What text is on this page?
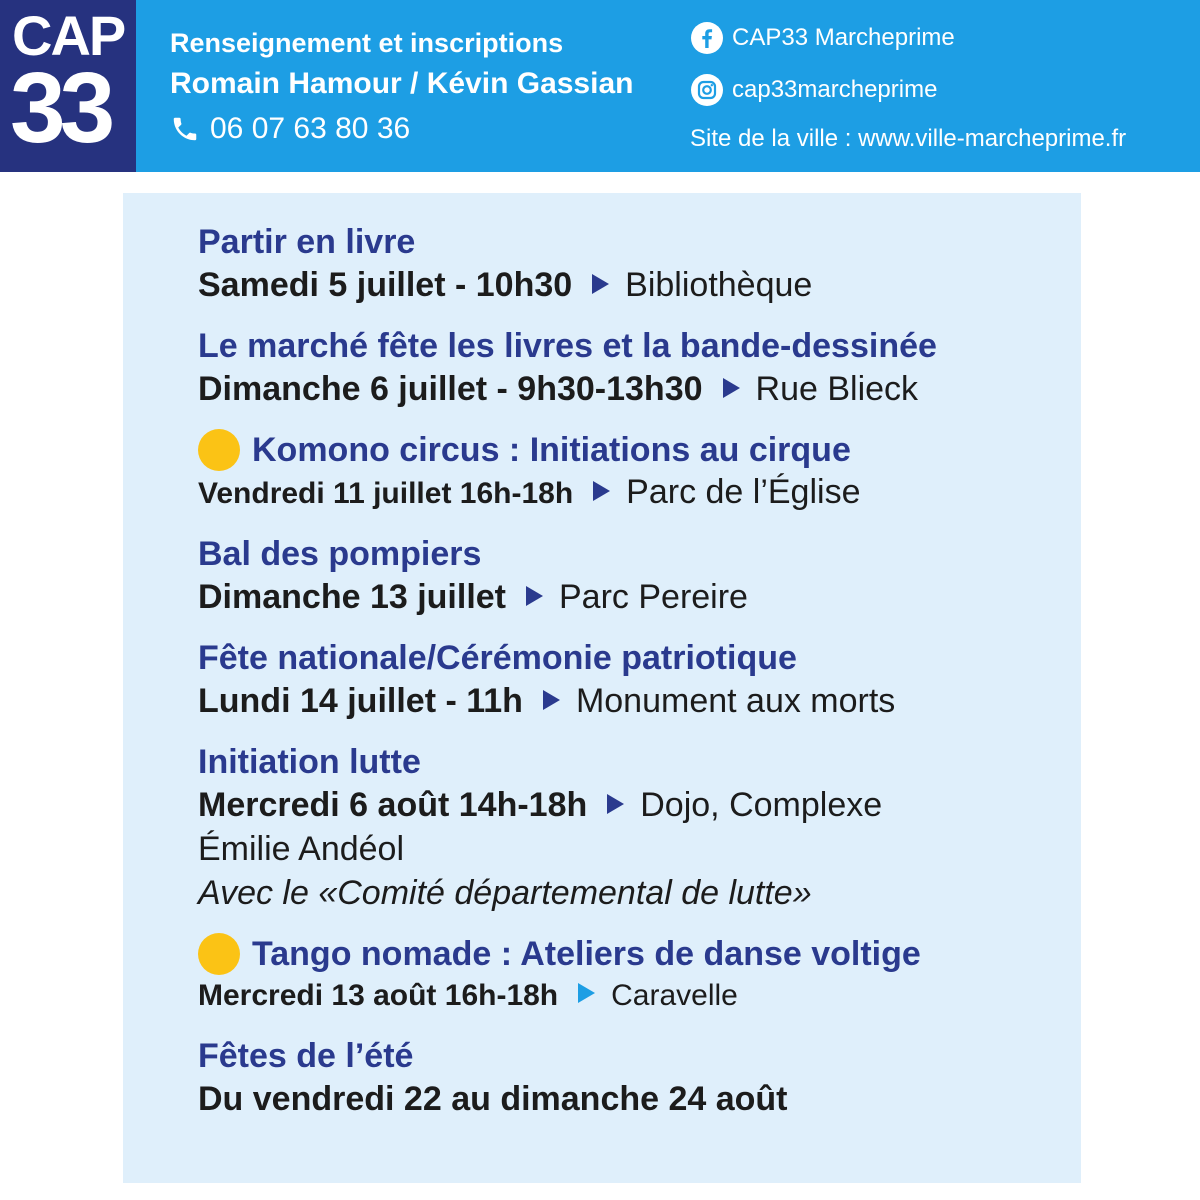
CAP
33
Renseignement et inscriptions
Romain Hamour / Kévin Gassian
06 07 63 80 36
CAP33 Marcheprime
cap33marcheprime
Site de la ville : www.ville-marcheprime.fr
Partir en livre
Samedi 5 juillet - 10h30 Bibliothèque
Le marché fête les livres et la bande-dessinée
Dimanche 6 juillet - 9h30-13h30 Rue Blieck
Komono circus : Initiations au cirque
Vendredi 11 juillet 16h-18h Parc de l’Église
Bal des pompiers
Dimanche 13 juillet Parc Pereire
Fête nationale/Cérémonie patriotique
Lundi 14 juillet - 11h Monument aux morts
Initiation lutte
Mercredi 6 août 14h-18h Dojo, Complexe Émilie Andéol
Avec le «Comité départemental de lutte»
Tango nomade : Ateliers de danse voltige
Mercredi 13 août 16h-18h Caravelle
Fêtes de l’été
Du vendredi 22 au dimanche 24 août
